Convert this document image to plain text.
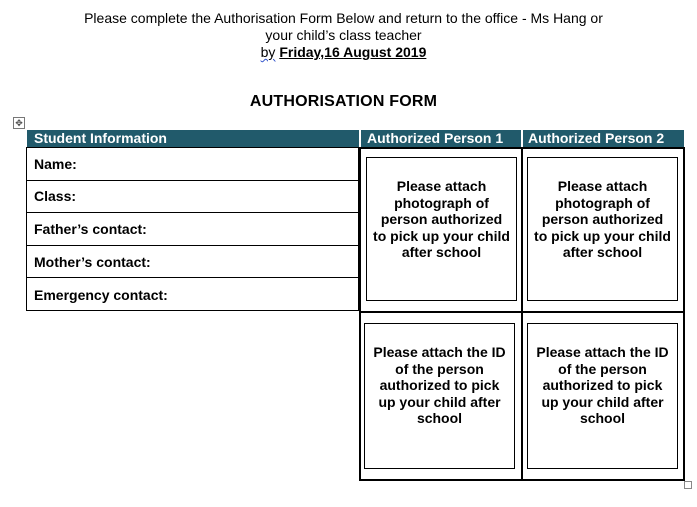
Please complete the Authorisation Form Below and return to the office - Ms Hang or
your child’s class teacher
by Friday,16 August 2019
AUTHORISATION FORM
✥
Student Information	Authorized Person 1 Authorized Person 2
Name:
Class:
Father’s contact:
Mother’s contact:
Emergency contact:
Please attach photograph of person authorized to pick up your child after school
Please attach photograph of person authorized to pick up your child after school
Please attach the ID of the person authorized to pick up your child after school
Please attach the ID of the person authorized to pick up your child after school
